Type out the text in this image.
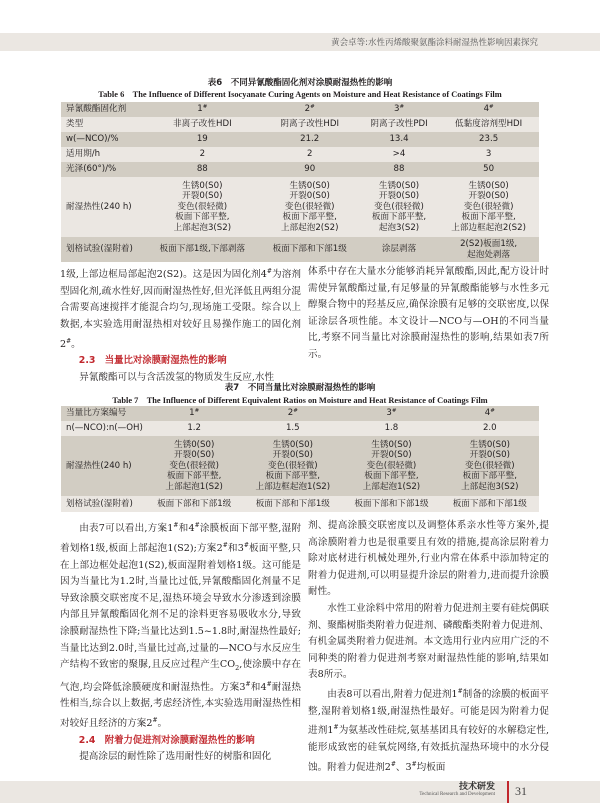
黄会卓等:水性丙烯酸聚氨酯涂料耐湿热性影响因素探究
表6　不同异氰酸酯固化剂对涂膜耐湿热性的影响
Table 6　The Influence of Different Isocyanate Curing Agents on Moisture and Heat Resistance of Coatings Film
异氰酸酯固化剂	1#	2#	3#	4#
类型	非离子改性HDI	阴离子改性HDI	阴离子改性PDI	低黏度溶剂型HDI
w(—NCO)/%	19	21.2	13.4	23.5
适用期/h	2	2	>4	3
光泽(60°)/%	88	90	88	50
耐湿热性(240 h)	生锈0(S0)
开裂0(S0)
变色(很轻微)
板面下部平整,
上部起泡3(S2)	生锈0(S0)
开裂0(S0)
变色(很轻微)
板面下部平整,
上部起泡2(S2)	生锈0(S0)
开裂0(S0)
变色(很轻微)
板面下部平整,
起泡3(S2)	生锈0(S0)
开裂0(S0)
变色(很轻微)
板面下部平整,
上部边框起泡2(S2)

划格试验(湿附着)	板面下部1级,下部剥落	板面下部和下部1级	涂层剥落	2(S2)板面1级,
起泡处剥落

1级,上部边框局部起泡2(S2)。这是因为固化剂4#为溶剂型固化剂,疏水性好,因而耐湿热性好,但光泽低且两组分混合需要高速搅拌才能混合均匀,现场施工受限。综合以上数据,本实验选用耐湿热相对较好且易操作施工的固化剂2#。

2.3　当量比对涂膜耐湿热性的影响

异氰酸酯可以与含活泼氢的物质发生反应,水性

体系中存在大量水分能够消耗异氰酸酯,因此,配方设计时需使异氰酸酯过量,有足够量的异氰酸酯能够与水性多元醇聚合物中的羟基反应,确保涂膜有足够的交联密度,以保证涂层各项性能。本文设计—NCO与—OH的不同当量比,考察不同当量比对涂膜耐湿热性的影响,结果如表7所示。

表7　不同当量比对涂膜耐湿热性的影响
Table 7　The Influence of Different Equivalent Ratios on Moisture and Heat Resistance of Coatings Film
当量比方案编号	1#	2#	3#	4#
n(—NCO):n(—OH)	1.2	1.5	1.8	2.0
耐湿热性(240 h)	生锈0(S0)
开裂0(S0)
变色(很轻微)
板面下部平整,
上部起泡1(S2)	生锈0(S0)
开裂0(S0)
变色(很轻微)
板面下部平整,
上部边框起泡1(S2)	生锈0(S0)
开裂0(S0)
变色(很轻微)
板面下部平整,
上部起泡1(S2)	生锈0(S0)
开裂0(S0)
变色(很轻微)
板面下部平整,
上部起泡3(S2)

划格试验(湿附着)	板面下部和下部1级	板面下部和下部1级	板面下部和下部1级	板面下部和下部1级

由表7可以看出,方案1#和4#涂膜板面下部平整,湿附着划格1级,板面上部起泡1(S2);方案2#和3#板面平整,只在上部边框处起泡1(S2),板面湿附着划格1级。这可能是因为当量比为1.2时,当量比过低,异氰酸酯固化剂量不足导致涂膜交联密度不足,湿热环境会导致水分渗透到涂膜内部且异氰酸酯固化剂不足的涂料更容易吸收水分,导致涂膜耐湿热性下降;当量比达到1.5~1.8时,耐湿热性最好;当量比达到2.0时,当量比过高,过量的—NCO与水反应生产结构不致密的聚脲,且反应过程产生$CO_2$,使涂膜中存在气泡,均会降低涂膜硬度和耐湿热性。方案3#和4#耐湿热性相当,综合以上数据,考虑经济性,本实验选用耐湿热性相对较好且经济的方案2#。

2.4　附着力促进剂对涂膜耐湿热性的影响

提高涂层的耐性除了选用耐性好的树脂和固化

剂、提高涂膜交联密度以及调整体系亲水性等方案外,提高涂膜附着力也是很重要且有效的措施,提高涂层附着力除对底材进行机械处理外,行业内常在体系中添加特定的附着力促进剂,可以明显提升涂层的附着力,进而提升涂膜耐性。

水性工业涂料中常用的附着力促进剂主要有硅烷偶联剂、聚酯树脂类附着力促进剂、磷酸酯类附着力促进剂、有机金属类附着力促进剂。本文选用行业内应用广泛的不同种类的附着力促进剂考察对耐湿热性能的影响,结果如表8所示。

由表8可以看出,附着力促进剂1#制备的涂膜的板面平整,湿附着划格1级,耐湿热性最好。可能是因为附着力促进剂1#为氨基改性硅烷,氨基基团具有较好的水解稳定性,能形成致密的硅氧烷网络,有效抵抗湿热环境中的水分侵蚀。附着力促进剂2#、3#均板面

技术研发
Technical Research and Development 31
